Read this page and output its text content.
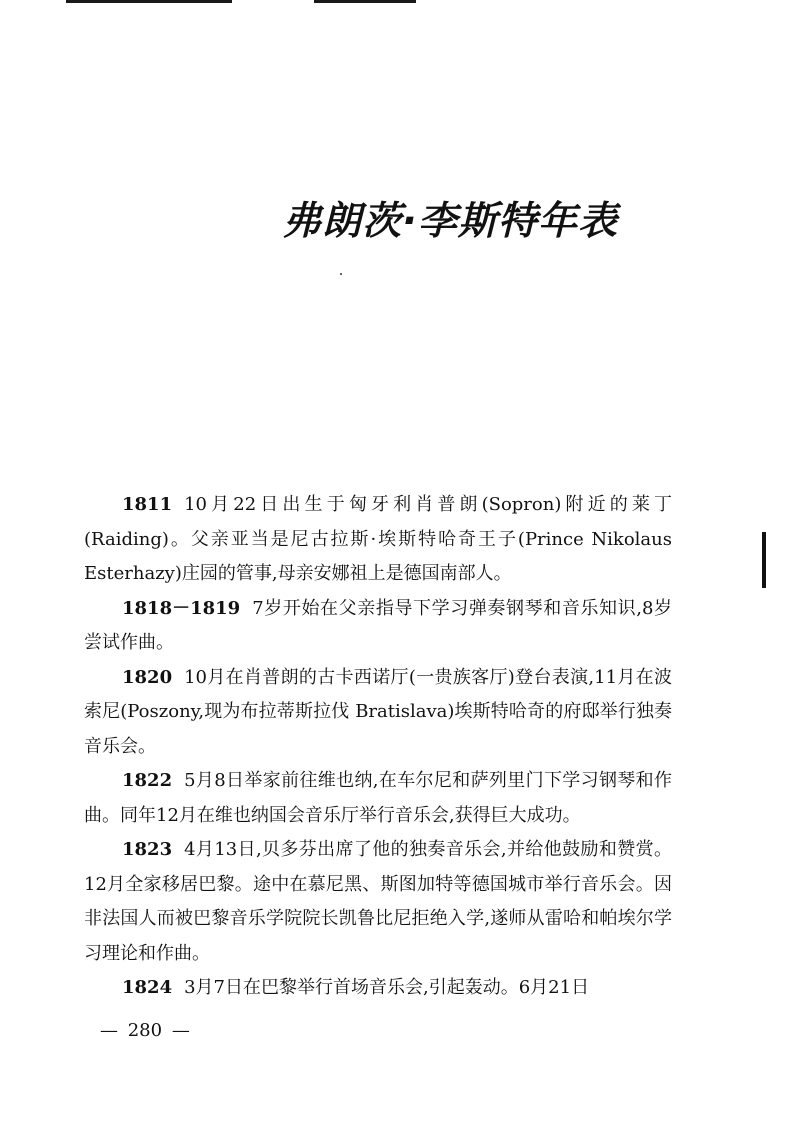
弗朗茨·李斯特年表

1811 10月22日出生于匈牙利肖普朗(Sopron)附近的莱丁(Raiding)。父亲亚当是尼古拉斯·埃斯特哈奇王子(Prince Nikolaus Esterhazy)庄园的管事,母亲安娜祖上是德国南部人。

1818－1819 7岁开始在父亲指导下学习弹奏钢琴和音乐知识,8岁尝试作曲。

1820 10月在肖普朗的古卡西诺厅(一贵族客厅)登台表演,11月在波索尼(Poszony,现为布拉蒂斯拉伐 Bratislava)埃斯特哈奇的府邸举行独奏音乐会。

1822 5月8日举家前往维也纳,在车尔尼和萨列里门下学习钢琴和作曲。同年12月在维也纳国会音乐厅举行音乐会,获得巨大成功。

1823 4月13日,贝多芬出席了他的独奏音乐会,并给他鼓励和赞赏。12月全家移居巴黎。途中在慕尼黑、斯图加特等德国城市举行音乐会。因非法国人而被巴黎音乐学院院长凯鲁比尼拒绝入学,遂师从雷哈和帕埃尔学习理论和作曲。

1824 3月7日在巴黎举行首场音乐会,引起轰动。6月21日

— 280 —
